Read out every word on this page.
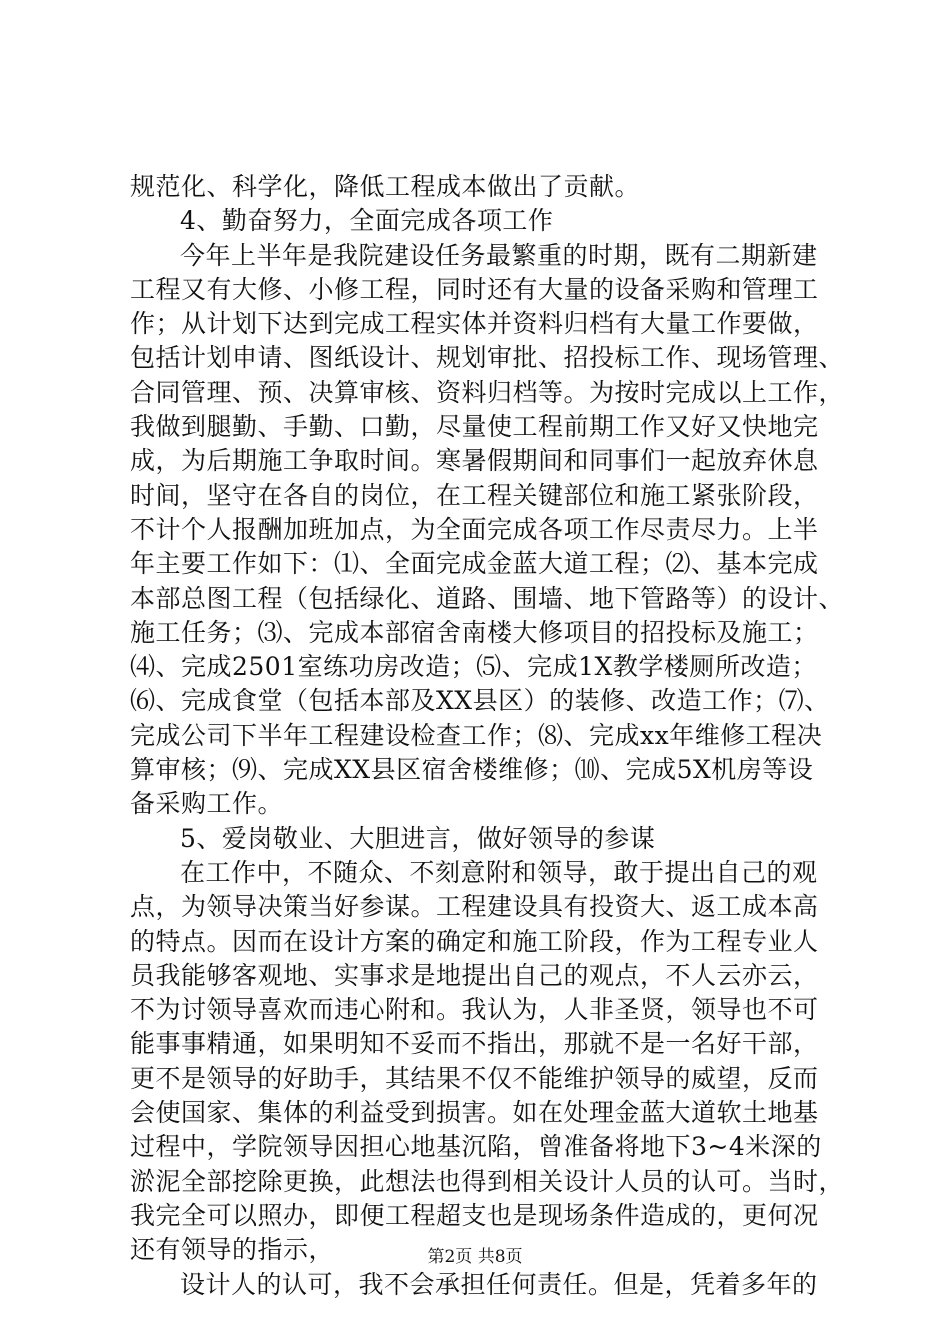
规范化、科学化，降低工程成本做出了贡献。
4、勤奋努力，全面完成各项工作
今年上半年是我院建设任务最繁重的时期，既有二期新建
工程又有大修、小修工程，同时还有大量的设备采购和管理工
作；从计划下达到完成工程实体并资料归档有大量工作要做，
包括计划申请、图纸设计、规划审批、招投标工作、现场管理、
合同管理、预、决算审核、资料归档等。为按时完成以上工作，
我做到腿勤、手勤、口勤，尽量使工程前期工作又好又快地完
成，为后期施工争取时间。寒暑假期间和同事们一起放弃休息
时间，坚守在各自的岗位，在工程关键部位和施工紧张阶段，
不计个人报酬加班加点，为全面完成各项工作尽责尽力。上半
年主要工作如下：⑴、全面完成金蓝大道工程；⑵、基本完成
本部总图工程（包括绿化、道路、围墙、地下管路等）的设计、
施工任务；⑶、完成本部宿舍南楼大修项目的招投标及施工；
⑷、完成2501室练功房改造；⑸、完成1X教学楼厕所改造；
⑹、完成食堂（包括本部及XX县区）的装修、改造工作；⑺、
完成公司下半年工程建设检查工作；⑻、完成xx年维修工程决
算审核；⑼、完成XX县区宿舍楼维修；⑽、完成5X机房等设
备采购工作。
5、爱岗敬业、大胆进言，做好领导的参谋
在工作中，不随众、不刻意附和领导，敢于提出自己的观
点，为领导决策当好参谋。工程建设具有投资大、返工成本高
的特点。因而在设计方案的确定和施工阶段，作为工程专业人
员我能够客观地、实事求是地提出自己的观点，不人云亦云，
不为讨领导喜欢而违心附和。我认为，人非圣贤，领导也不可
能事事精通，如果明知不妥而不指出，那就不是一名好干部，
更不是领导的好助手，其结果不仅不能维护领导的威望，反而
会使国家、集体的利益受到损害。如在处理金蓝大道软土地基
过程中，学院领导因担心地基沉陷，曾准备将地下3~4米深的
淤泥全部挖除更换，此想法也得到相关设计人员的认可。当时，
我完全可以照办，即便工程超支也是现场条件造成的，更何况
还有领导的指示，
设计人的认可，我不会承担任何责任。但是，凭着多年的
第2页 共8页
